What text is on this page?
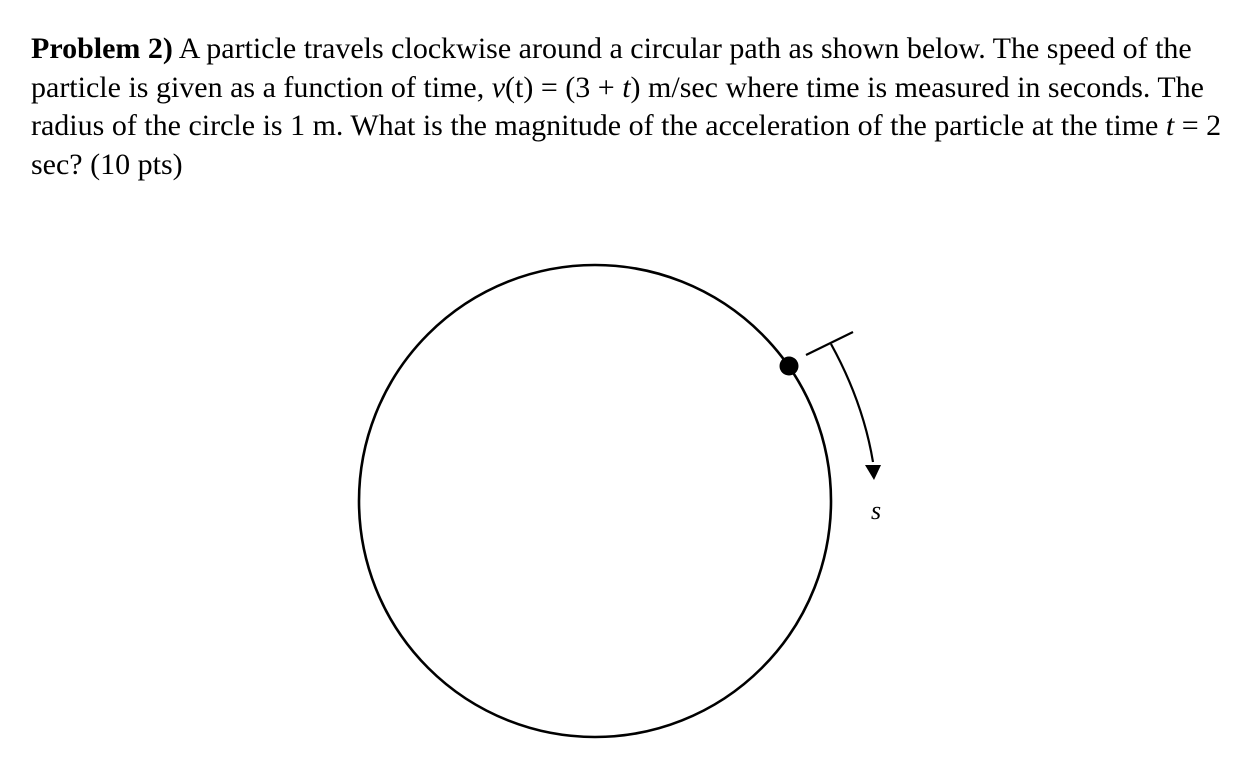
Problem 2) A particle travels clockwise around a circular path as shown below. The speed of the particle is given as a function of time, v(t) = (3 + t) m/sec where time is measured in seconds. The radius of the circle is 1 m. What is the magnitude of the acceleration of the particle at the time t = 2 sec? (10 pts)

s
